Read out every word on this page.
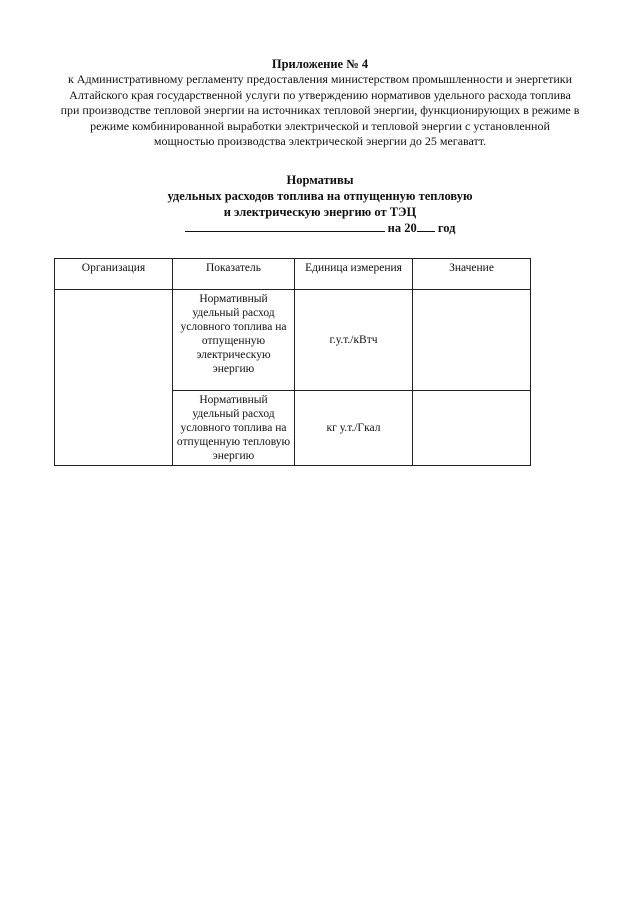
Приложение № 4
к Административному регламенту предоставления министерством промышленности и энергетики Алтайского края государственной услуги по утверждению нормативов удельного расхода топлива при производстве тепловой энергии на источниках тепловой энергии, функционирующих в режиме в режиме комбинированной выработки электрической и тепловой энергии с установленной мощностью производства электрической энергии до 25 мегаватт.
Нормативы
удельных расходов топлива на отпущенную тепловую
и электрическую энергию от ТЭЦ
на 20 год
Организация	Показатель	Единица измерения	Значение
	Нормативный удельный расход условного топлива на отпущенную электрическую энергию	г.у.т./кВтч	
	Нормативный удельный расход условного топлива на отпущенную тепловую энергию	кг у.т./Гкал	
